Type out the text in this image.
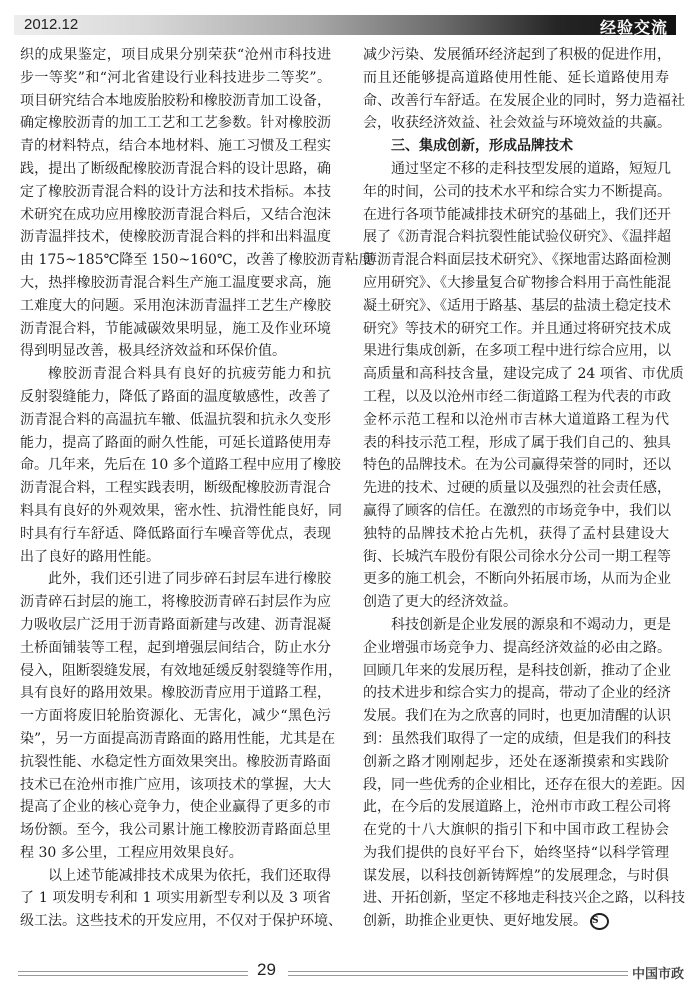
2012.12	经验交流
织的成果鉴定，项目成果分别荣获“沧州市科技进
步一等奖”和“河北省建设行业科技进步二等奖”。
项目研究结合本地废胎胶粉和橡胶沥青加工设备，
确定橡胶沥青的加工工艺和工艺参数。针对橡胶沥
青的材料特点，结合本地材料、施工习惯及工程实
践，提出了断级配橡胶沥青混合料的设计思路，确
定了橡胶沥青混合料的设计方法和技术指标。本技
术研究在成功应用橡胶沥青混合料后，又结合泡沫
沥青温拌技术，使橡胶沥青混合料的拌和出料温度
由 175~185℃降至 150~160℃，改善了橡胶沥青粘度
大，热拌橡胶沥青混合料生产施工温度要求高，施
工难度大的问题。采用泡沫沥青温拌工艺生产橡胶
沥青混合料，节能减碳效果明显，施工及作业环境
得到明显改善，极具经济效益和环保价值。
橡胶沥青混合料具有良好的抗疲劳能力和抗
反射裂缝能力，降低了路面的温度敏感性，改善了
沥青混合料的高温抗车辙、低温抗裂和抗永久变形
能力，提高了路面的耐久性能，可延长道路使用寿
命。几年来，先后在 10 多个道路工程中应用了橡胶
沥青混合料，工程实践表明，断级配橡胶沥青混合
料具有良好的外观效果，密水性、抗滑性能良好，同
时具有行车舒适、降低路面行车噪音等优点，表现
出了良好的路用性能。
此外，我们还引进了同步碎石封层车进行橡胶
沥青碎石封层的施工，将橡胶沥青碎石封层作为应
力吸收层广泛用于沥青路面新建与改建、沥青混凝
土桥面铺装等工程，起到增强层间结合，防止水分
侵入，阻断裂缝发展，有效地延缓反射裂缝等作用，
具有良好的路用效果。橡胶沥青应用于道路工程，
一方面将废旧轮胎资源化、无害化，减少“黑色污
染”，另一方面提高沥青路面的路用性能，尤其是在
抗裂性能、水稳定性方面效果突出。橡胶沥青路面
技术已在沧州市推广应用，该项技术的掌握，大大
提高了企业的核心竞争力，使企业赢得了更多的市
场份额。至今，我公司累计施工橡胶沥青路面总里
程 30 多公里，工程应用效果良好。
以上述节能减排技术成果为依托，我们还取得
了 1 项发明专利和 1 项实用新型专利以及 3 项省
级工法。这些技术的开发应用，不仅对于保护环境、
减少污染、发展循环经济起到了积极的促进作用，
而且还能够提高道路使用性能、延长道路使用寿
命、改善行车舒适。在发展企业的同时，努力造福社
会，收获经济效益、社会效益与环境效益的共赢。
三、集成创新，形成品牌技术
通过坚定不移的走科技型发展的道路，短短几
年的时间，公司的技术水平和综合实力不断提高。
在进行各项节能减排技术研究的基础上，我们还开
展了《沥青混合料抗裂性能试验仪研究》、《温拌超
薄沥青混合料面层技术研究》、《探地雷达路面检测
应用研究》、《大掺量复合矿物掺合料用于高性能混
凝土研究》、《适用于路基、基层的盐渍土稳定技术
研究》等技术的研究工作。并且通过将研究技术成
果进行集成创新，在多项工程中进行综合应用，以
高质量和高科技含量，建设完成了 24 项省、市优质
工程，以及以沧州市经二街道路工程为代表的市政
金杯示范工程和以沧州市吉林大道道路工程为代
表的科技示范工程，形成了属于我们自己的、独具
特色的品牌技术。在为公司赢得荣誉的同时，还以
先进的技术、过硬的质量以及强烈的社会责任感，
赢得了顾客的信任。在激烈的市场竞争中，我们以
独特的品牌技术抢占先机，获得了孟村县建设大
街、长城汽车股份有限公司徐水分公司一期工程等
更多的施工机会，不断向外拓展市场，从而为企业
创造了更大的经济效益。
科技创新是企业发展的源泉和不竭动力，更是
企业增强市场竞争力、提高经济效益的必由之路。
回顾几年来的发展历程，是科技创新，推动了企业
的技术进步和综合实力的提高，带动了企业的经济
发展。我们在为之欣喜的同时，也更加清醒的认识
到：虽然我们取得了一定的成绩，但是我们的科技
创新之路才刚刚起步，还处在逐渐摸索和实践阶
段，同一些优秀的企业相比，还存在很大的差距。因
此，在今后的发展道路上，沧州市市政工程公司将
在党的十八大旗帜的指引下和中国市政工程协会
为我们提供的良好平台下，始终坚持“以科学管理
谋发展，以科技创新铸辉煌”的发展理念，与时俱
进、开拓创新，坚定不移地走科技兴企之路，以科技
创新，助推企业更快、更好地发展。 S
29	中国市政
